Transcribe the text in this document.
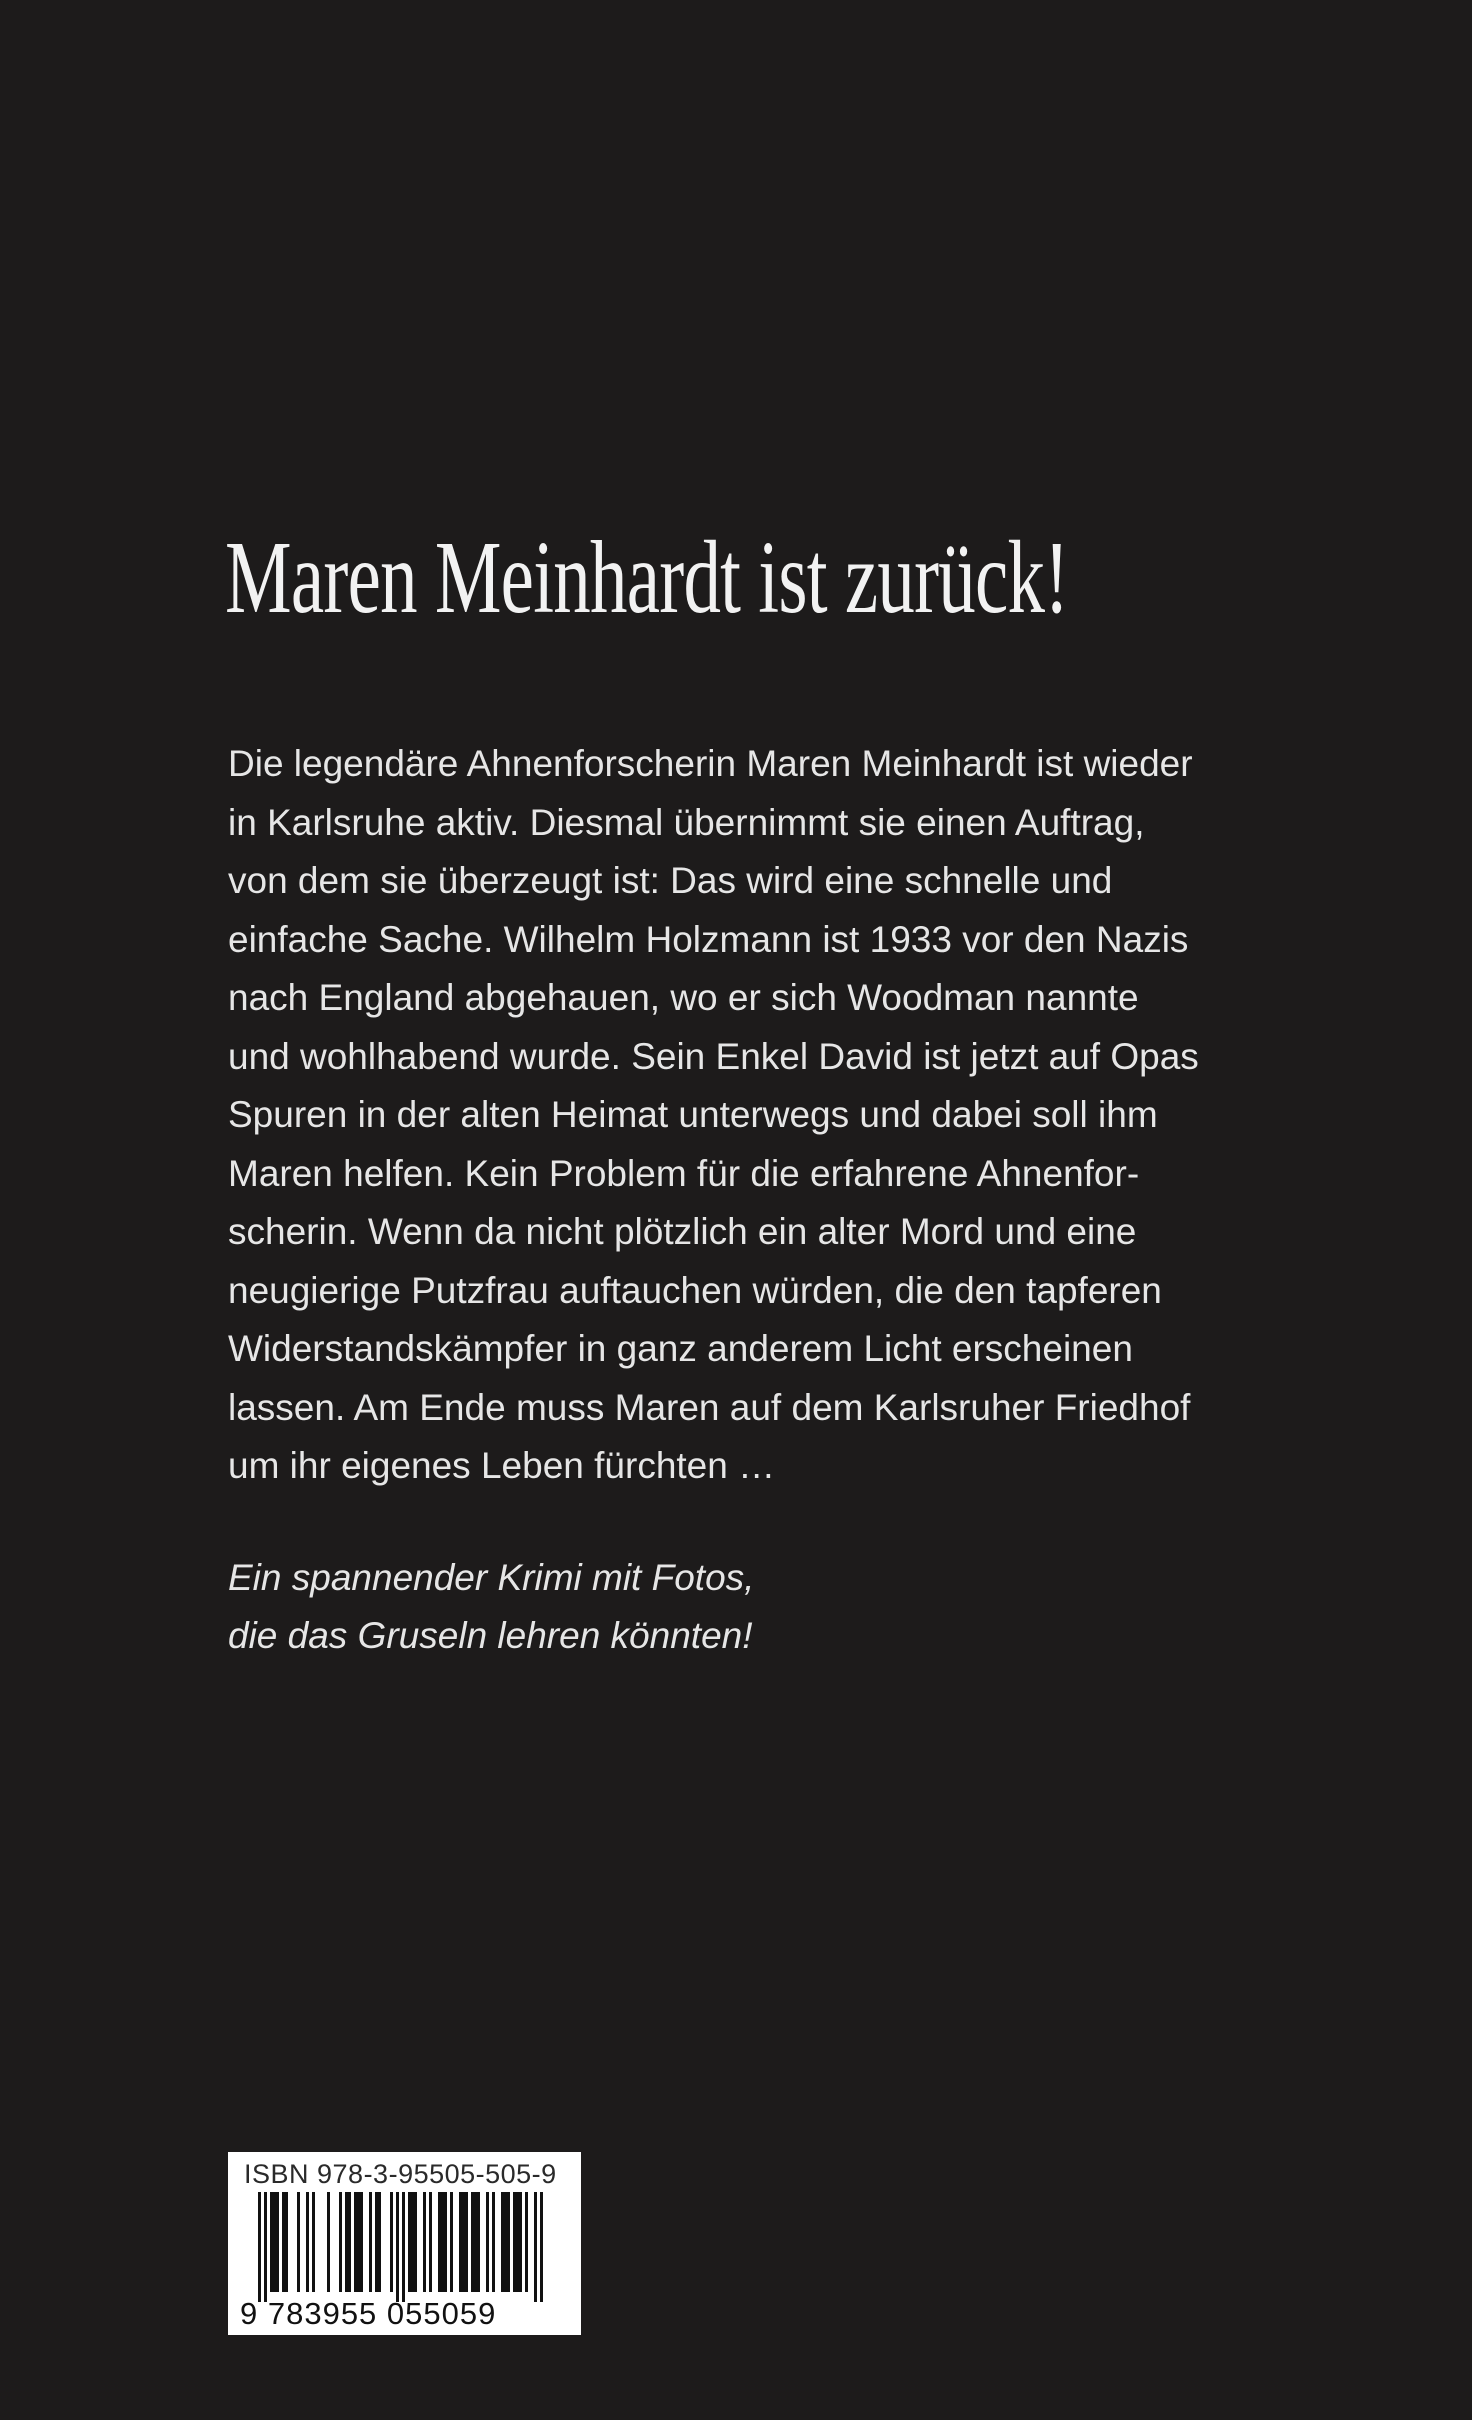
Maren Meinhardt ist zurück!
Die legendäre Ahnenforscherin Maren Meinhardt ist wieder
in Karlsruhe aktiv. Diesmal übernimmt sie einen Auftrag,
von dem sie überzeugt ist: Das wird eine schnelle und
einfache Sache. Wilhelm Holzmann ist 1933 vor den Nazis
nach England abgehauen, wo er sich Woodman nannte
und wohlhabend wurde. Sein Enkel David ist jetzt auf Opas
Spuren in der alten Heimat unterwegs und dabei soll ihm
Maren helfen. Kein Problem für die erfahrene Ahnenfor-
scherin. Wenn da nicht plötzlich ein alter Mord und eine
neugierige Putzfrau auftauchen würden, die den tapferen
Widerstandskämpfer in ganz anderem Licht erscheinen
lassen. Am Ende muss Maren auf dem Karlsruher Friedhof
um ihr eigenes Leben fürchten …
Ein spannender Krimi mit Fotos,
die das Gruseln lehren könnten!
ISBN 978-3-95505-505-9
9 783955 055059
